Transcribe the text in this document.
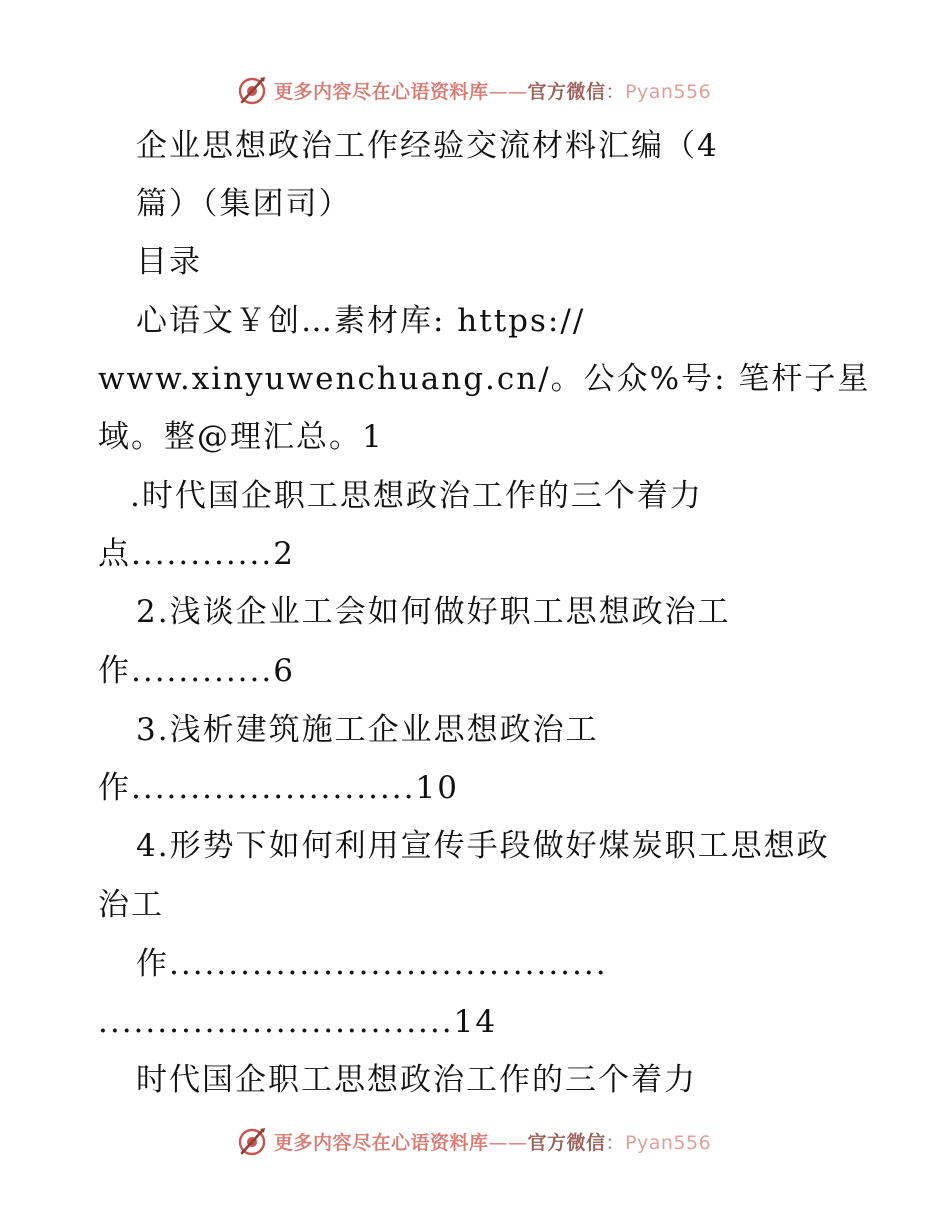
更多内容尽在心语资料库——官方微信：Pyan556
企业思想政治工作经验交流材料汇编（4
篇）（集团司）
目录
心语文￥创…素材库: https://
www.xinyuwenchuang.cn/。公众%号: 笔杆子星
域。整@理汇总。1
.时代国企职工思想政治工作的三个着力
点............2
2.浅谈企业工会如何做好职工思想政治工
作............6
3.浅析建筑施工企业思想政治工
作........................10
4.形势下如何利用宣传手段做好煤炭职工思想政
治工
作.....................................
..............................14
时代国企职工思想政治工作的三个着力
更多内容尽在心语资料库——官方微信：Pyan556
